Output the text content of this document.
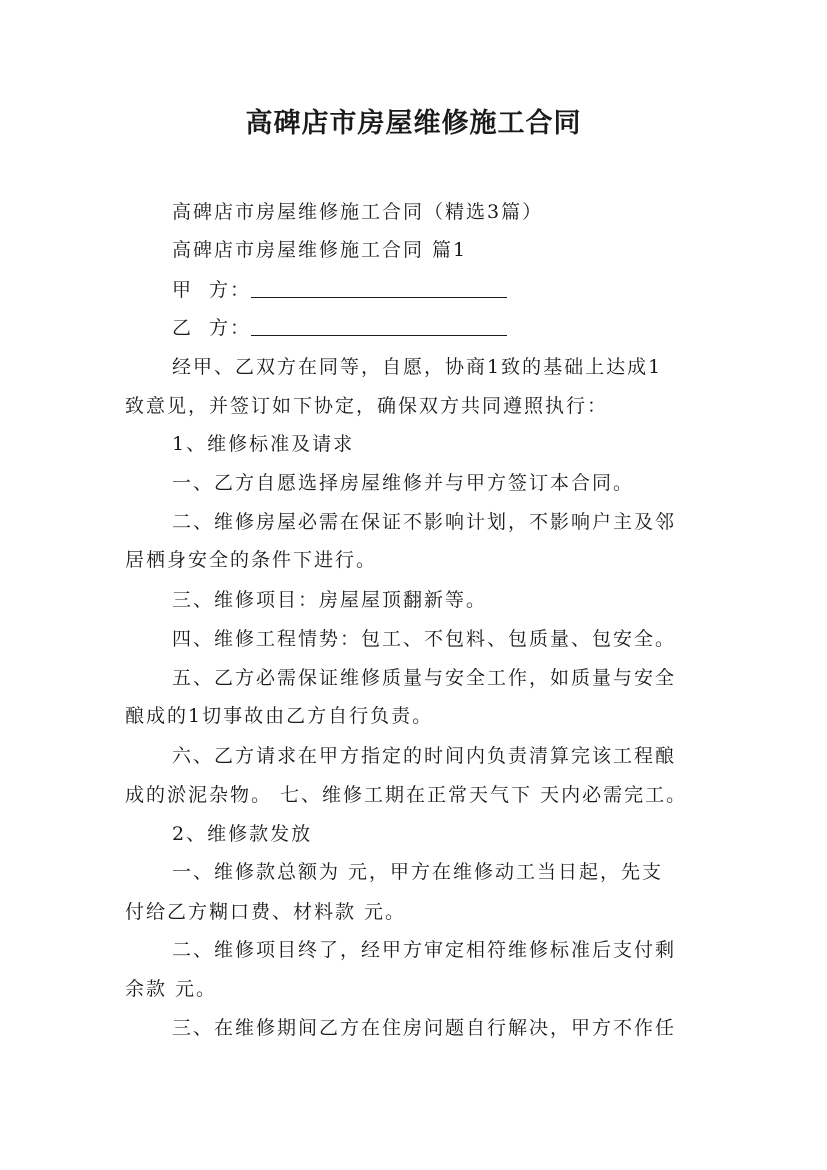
高碑店市房屋维修施工合同
高碑店市房屋维修施工合同（精选3篇）
高碑店市房屋维修施工合同 篇1
甲 方：
乙 方：
经甲、乙双方在同等，自愿，协商1致的基础上达成1
致意见，并签订如下协定，确保双方共同遵照执行：
1、维修标准及请求
一、乙方自愿选择房屋维修并与甲方签订本合同。
二、维修房屋必需在保证不影响计划，不影响户主及邻
居栖身安全的条件下进行。
三、维修项目：房屋屋顶翻新等。
四、维修工程情势：包工、不包料、包质量、包安全。
五、乙方必需保证维修质量与安全工作，如质量与安全
酿成的1切事故由乙方自行负责。
六、乙方请求在甲方指定的时间内负责清算完该工程酿
成的淤泥杂物。 七、维修工期在正常天气下 天内必需完工。
2、维修款发放
一、维修款总额为 元，甲方在维修动工当日起，先支
付给乙方糊口费、材料款 元。
二、维修项目终了，经甲方审定相符维修标准后支付剩
余款 元。
三、在维修期间乙方在住房问题自行解决，甲方不作任
